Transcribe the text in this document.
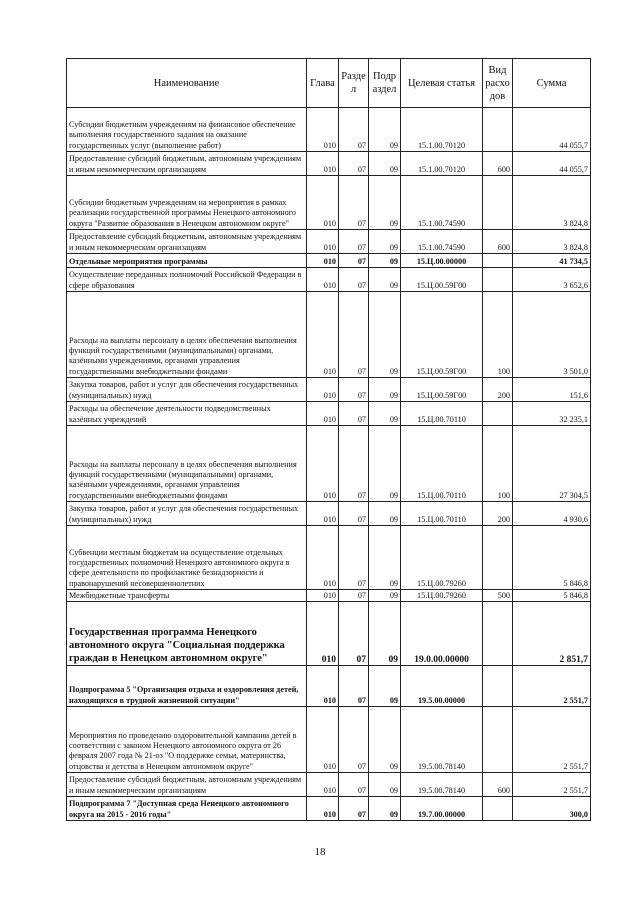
Наименование	Глава	Разде л	Подр аздел	Целевая статья	Вид расхо дов	Сумма
Субсидии бюджетным учреждениям на финансовое обеспечение выполнения государственного задания на оказание государственных услуг (выполнение работ)	010	07	09	15.1.00.70120		44 055,7
Предоставление субсидий бюджетным, автономным учреждениям и иным некоммерческим организациям	010	07	09	15.1.00.70120	600	44 055,7
Субсидии бюджетным учреждениям на мероприятия в рамках реализации государственной программы Ненецкого автономного округа "Развитие образования в Ненецком автономном округе"	010	07	09	15.1.00.74590		3 824,8
Предоставление субсидий бюджетным, автономным учреждениям и иным некоммерческим организациям	010	07	09	15.1.00.74590	600	3 824,8
Отдельные мероприятия программы	010	07	09	15.Ц.00.00000		41 734,5
Осуществление переданных полномочий Российской Федерации в сфере образования	010	07	09	15.Ц.00.59Г00		3 652,6
Расходы на выплаты персоналу в целях обеспечения выполнения функций государственными (муниципальными) органами, казёнными учреждениями, органами управления государственными внебюджетными фондами	010	07	09	15.Ц.00.59Г00	100	3 501,0
Закупка товаров, работ и услуг для обеспечения государственных (муниципальных) нужд	010	07	09	15.Ц.00.59Г00	200	151,6
Расходы на обеспечение деятельности подведомственных казённых учреждений	010	07	09	15.Ц.00.70110		32 235,1
Расходы на выплаты персоналу в целях обеспечения выполнения функций государственными (муниципальными) органами, казёнными учреждениями, органами управления государственными внебюджетными фондами	010	07	09	15.Ц.00.70110	100	27 304,5
Закупка товаров, работ и услуг для обеспечения государственных (муниципальных) нужд	010	07	09	15.Ц.00.70110	200	4 930,6
Субвенции местным бюджетам на осуществление отдельных государственных полномочий Ненецкого автономного округа в сфере деятельности по профилактике безнадзорности и правонарушений несовершеннолетних	010	07	09	15.Ц.00.79260		5 846,8
Межбюджетные трансферты	010	07	09	15.Ц.00.79260	500	5 846,8
Государственная программа Ненецкого автономного округа "Социальная поддержка граждан в Ненецком автономном округе"	010	07	09	19.0.00.00000		2 851,7
Подпрограмма 5 "Организация отдыха и оздоровления детей, находящихся в трудной жизненной ситуации"	010	07	09	19.5.00.00000		2 551,7
Мероприятия по проведению оздоровительной кампании детей в соответствии с законом Ненецкого автономного округа от 26 февраля 2007 года № 21-оз "О поддержке семьи, материнства, отцовства и детства в Ненецком автономном округе"	010	07	09	19.5.00.78140		2 551,7
Предоставление субсидий бюджетным, автономным учреждениям и иным некоммерческим организациям	010	07	09	19.5.00.78140	600	2 551,7
Подпрограмма 7 "Доступная среда Ненецкого автономного округа на 2015 - 2016 годы"	010	07	09	19.7.00.00000		300,0
18
